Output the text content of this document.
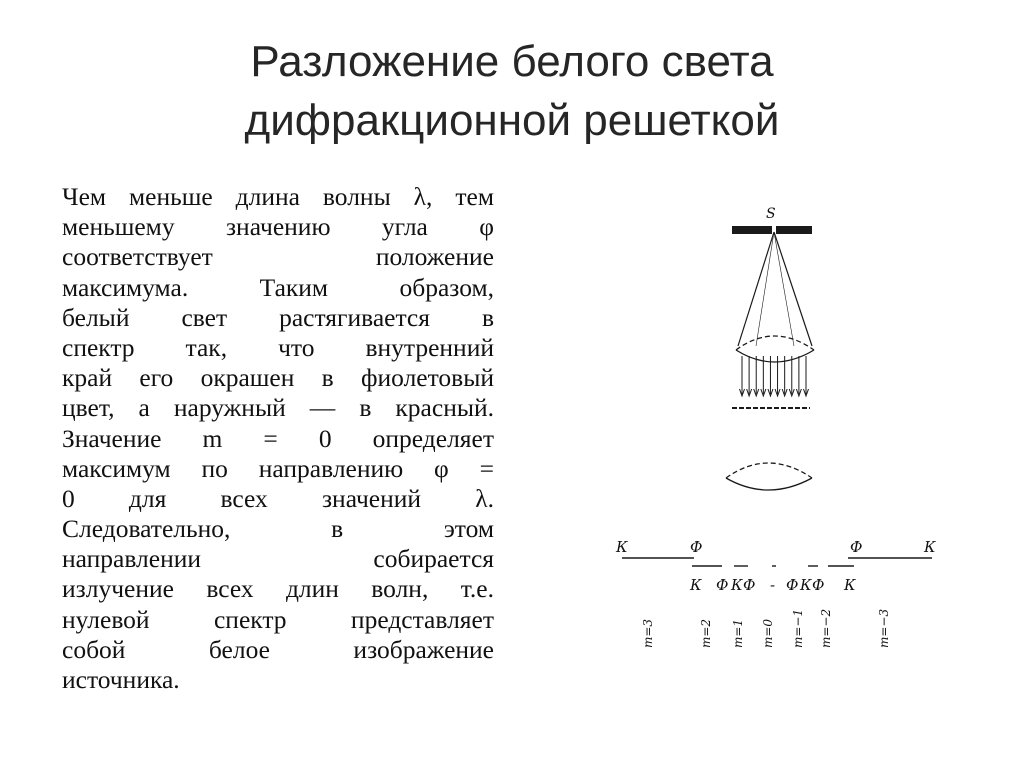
Разложение белого света
дифракционной решеткой
Чем меньше длина волны λ, тем
меньшему значению угла φ
соответствует положение
максимума. Таким образом,
белый свет растягивается в
спектр так, что внутренний
край его окрашен в фиолетовый
цвет, а наружный — в красный.
Значение m = 0 определяет
максимум по направлению φ =
0 для всех значений λ.
Следовательно, в этом
направлении собирается
излучение всех длин волн, т.е.
нулевой спектр представляет
собой белое изображение
источника.
S
К	Ф	Ф	К
К Ф К Ф - Ф К Ф К
m=3	m=2 m=1 m=0 m=−1 m=−2	m=−3
